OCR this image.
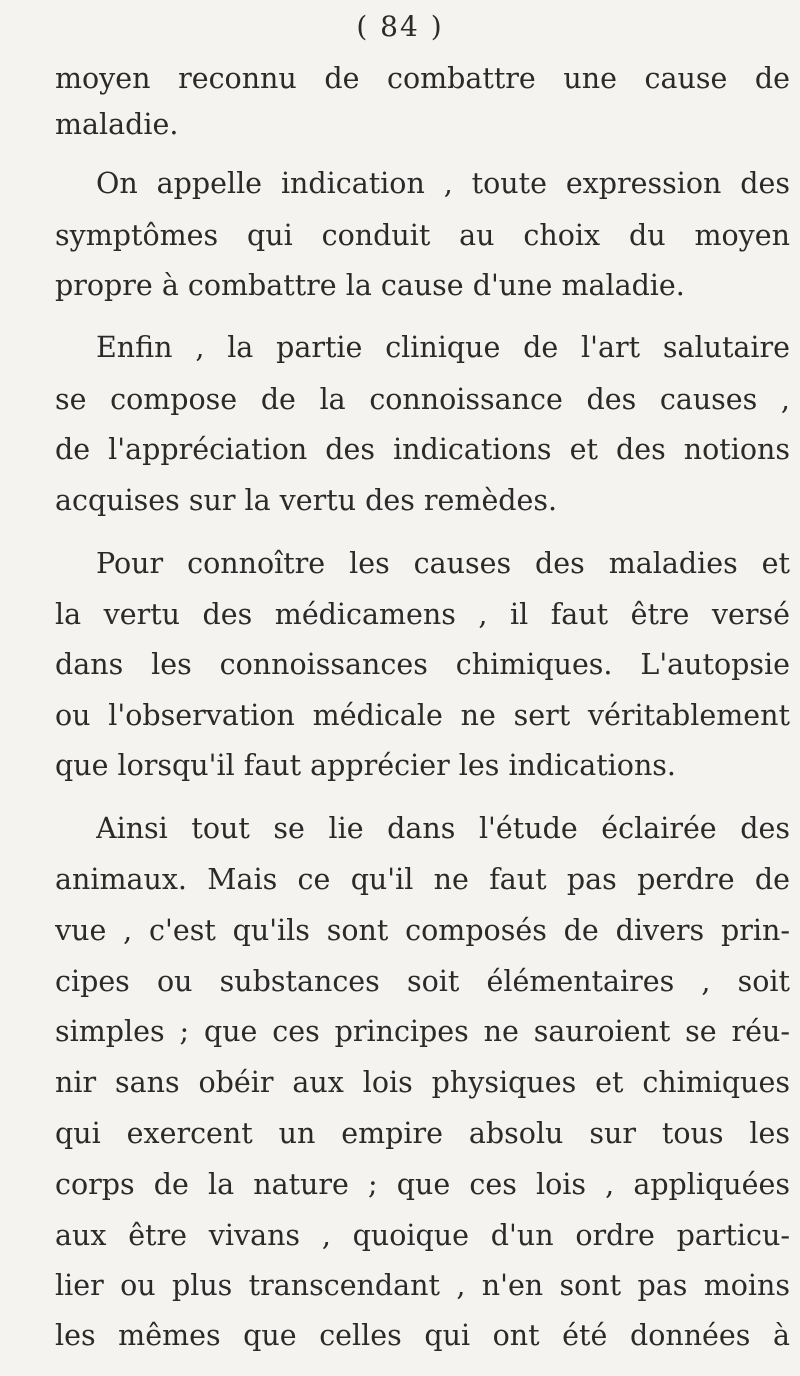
( 84 )
moyen reconnu de combattre une cause de
maladie.
On appelle indication , toute expression des
symptômes qui conduit au choix du moyen
propre à combattre la cause d'une maladie.
Enfin , la partie clinique de l'art salutaire
se compose de la connoissance des causes ,
de l'appréciation des indications et des notions
acquises sur la vertu des remèdes.
Pour connoître les causes des maladies et
la vertu des médicamens , il faut être versé
dans les connoissances chimiques. L'autopsie
ou l'observation médicale ne sert véritablement
que lorsqu'il faut apprécier les indications.
Ainsi tout se lie dans l'étude éclairée des
animaux. Mais ce qu'il ne faut pas perdre de
vue , c'est qu'ils sont composés de divers prin-
cipes ou substances soit élémentaires , soit
simples ; que ces principes ne sauroient se réu-
nir sans obéir aux lois physiques et chimiques
qui exercent un empire absolu sur tous les
corps de la nature ; que ces lois , appliquées
aux être vivans , quoique d'un ordre particu-
lier ou plus transcendant , n'en sont pas moins
les mêmes que celles qui ont été données à
